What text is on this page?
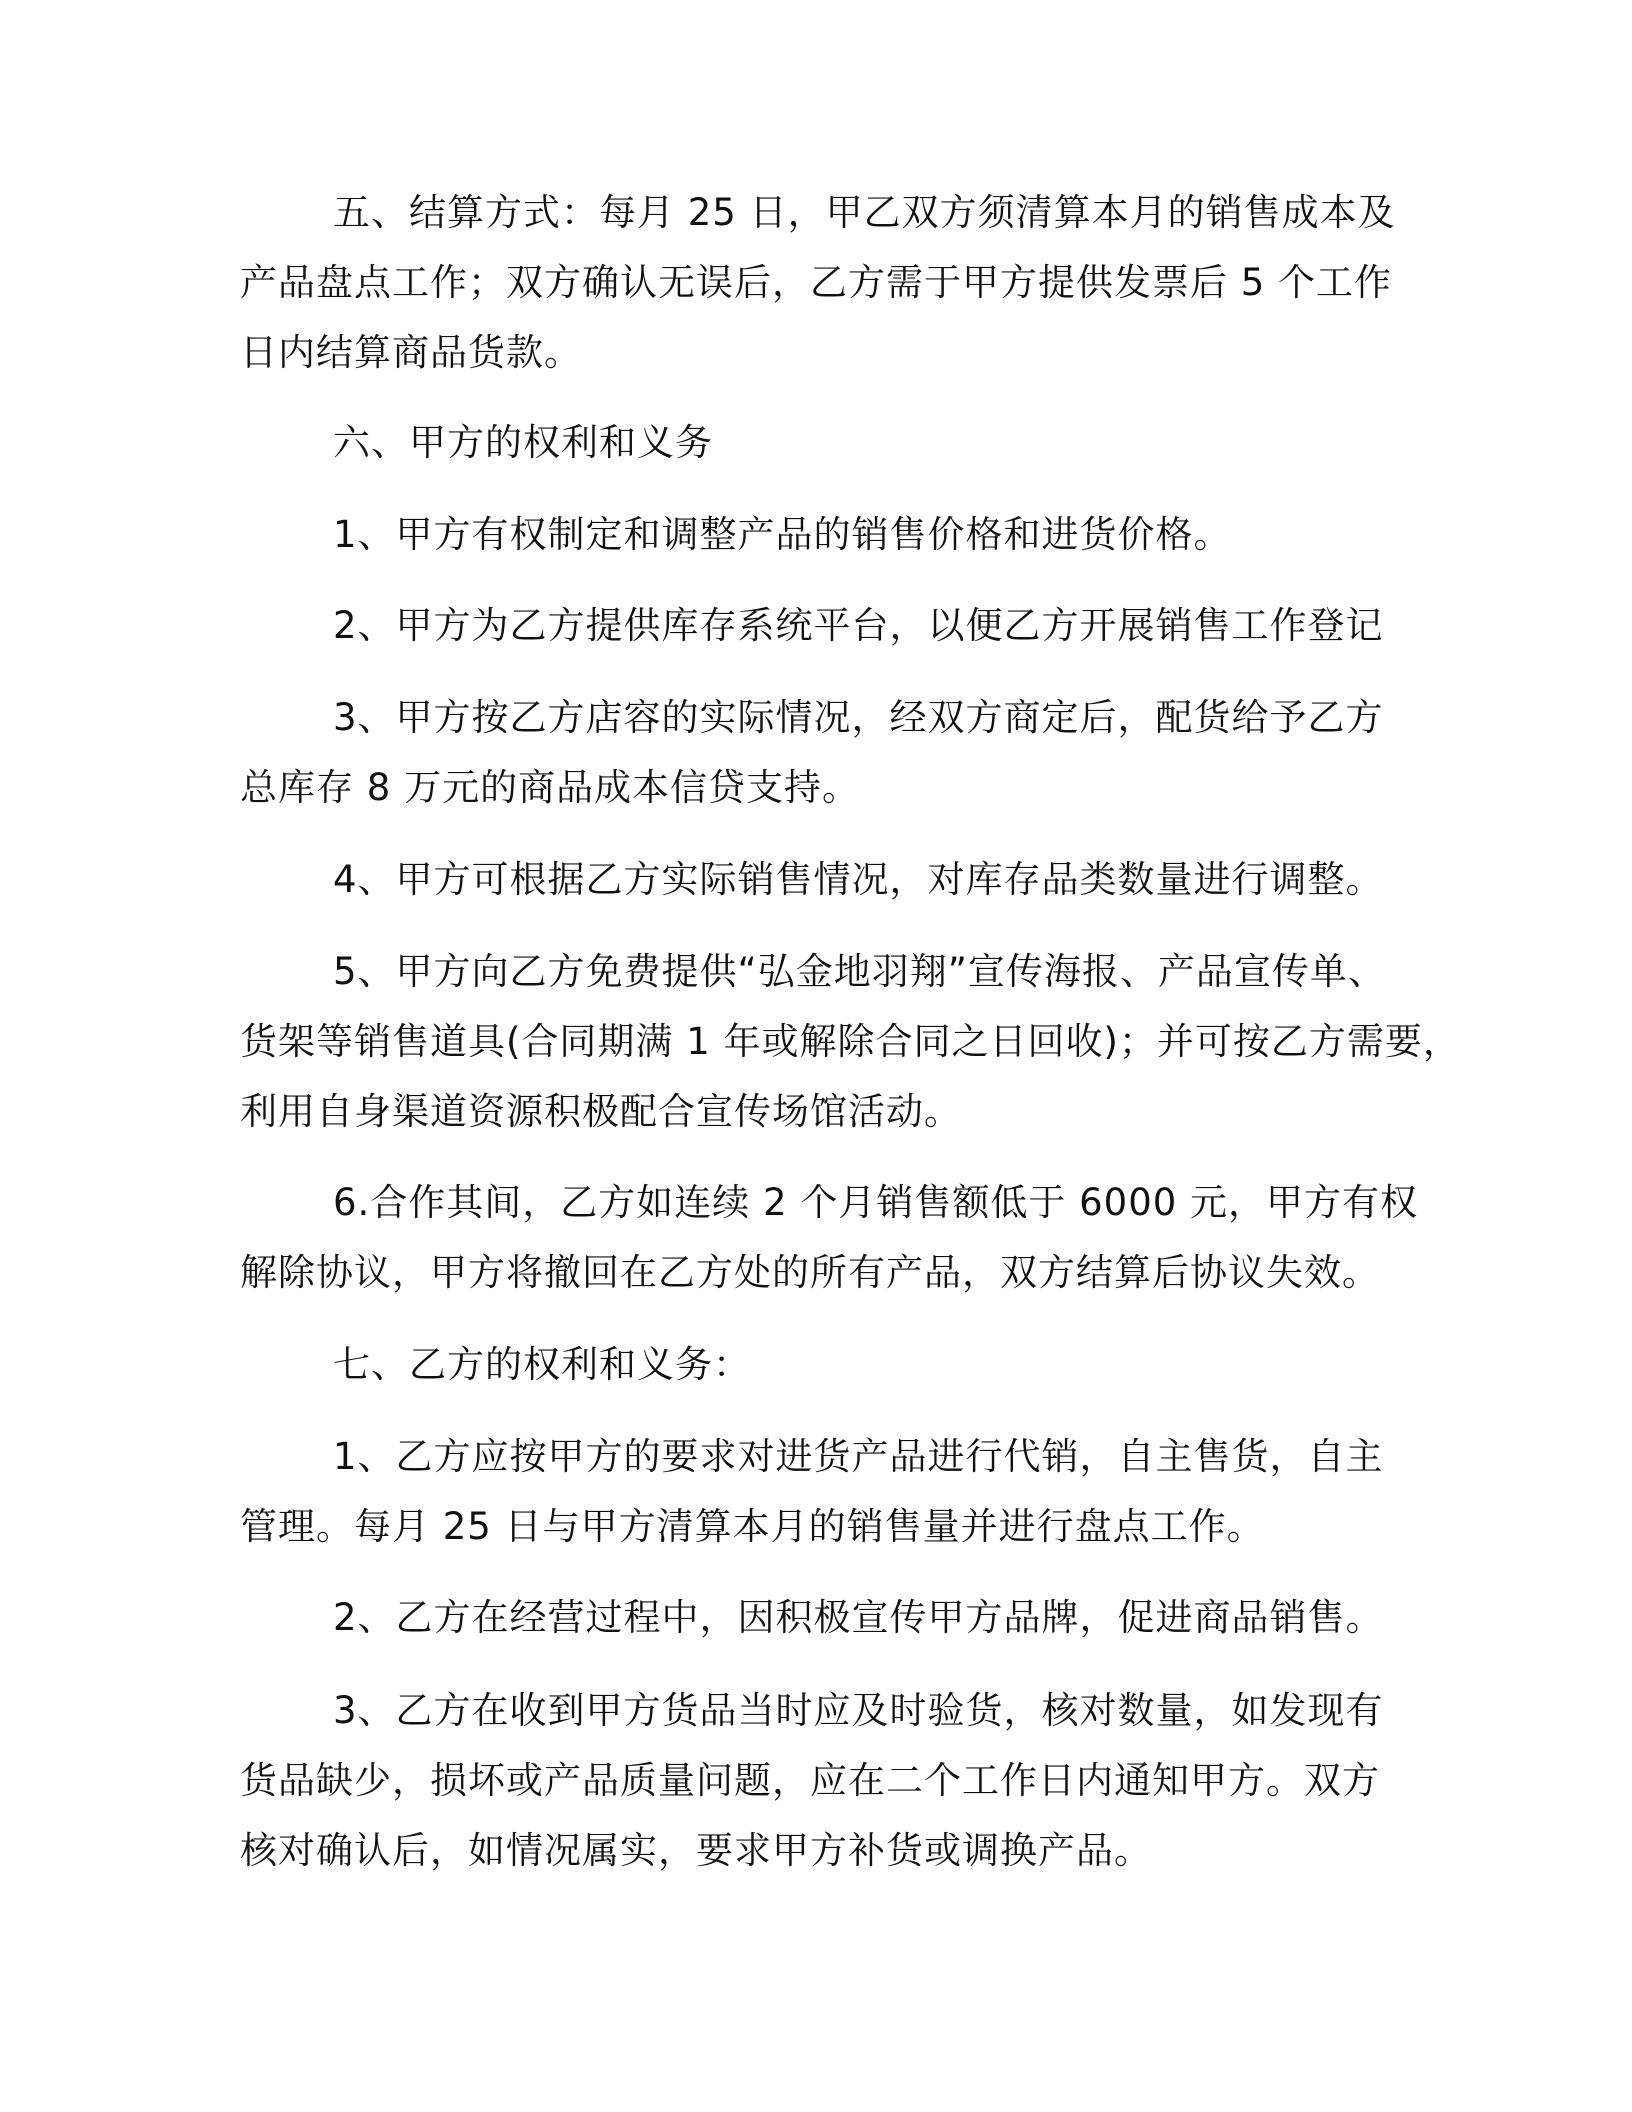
五、结算方式：每月 25 日，甲乙双方须清算本月的销售成本及
产品盘点工作；双方确认无误后，乙方需于甲方提供发票后 5 个工作
日内结算商品货款。
六、甲方的权利和义务
1、甲方有权制定和调整产品的销售价格和进货价格。
2、甲方为乙方提供库存系统平台，以便乙方开展销售工作登记
3、甲方按乙方店容的实际情况，经双方商定后，配货给予乙方
总库存 8 万元的商品成本信贷支持。
4、甲方可根据乙方实际销售情况，对库存品类数量进行调整。
5、甲方向乙方免费提供“弘金地羽翔”宣传海报、产品宣传单、
货架等销售道具(合同期满 1 年或解除合同之日回收)；并可按乙方需要，
利用自身渠道资源积极配合宣传场馆活动。
6.合作其间，乙方如连续 2 个月销售额低于 6000 元，甲方有权
解除协议，甲方将撤回在乙方处的所有产品，双方结算后协议失效。
七、乙方的权利和义务：
1、乙方应按甲方的要求对进货产品进行代销，自主售货，自主
管理。每月 25 日与甲方清算本月的销售量并进行盘点工作。
2、乙方在经营过程中，因积极宣传甲方品牌，促进商品销售。
3、乙方在收到甲方货品当时应及时验货，核对数量，如发现有
货品缺少，损坏或产品质量问题，应在二个工作日内通知甲方。双方
核对确认后，如情况属实，要求甲方补货或调换产品。
